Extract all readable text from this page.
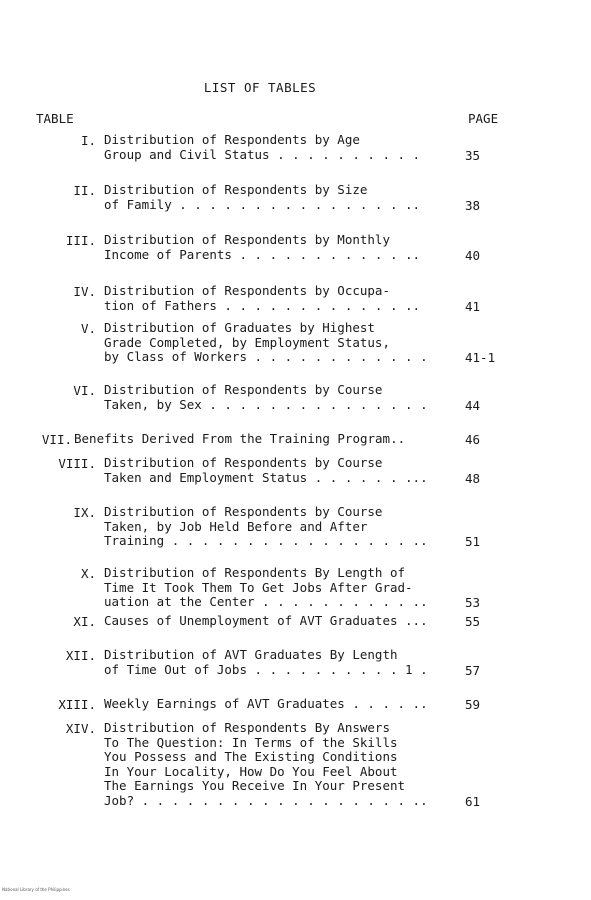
LIST OF TABLES
TABLE	PAGE
I. Distribution of Respondents by Age
Group and Civil Status . . . . . . . . . .	35
II. Distribution of Respondents by Size
of Family . . . . . . . . . . . . . . . ..	38
III. Distribution of Respondents by Monthly
Income of Parents . . . . . . . . . . . ..	40
IV. Distribution of Respondents by Occupa-
tion of Fathers . . . . . . . . . . . . ..	41
V. Distribution of Graduates by Highest
Grade Completed, by Employment Status,
by Class of Workers . . . . . . . . . . . .	41-1
VI. Distribution of Respondents by Course
Taken, by Sex . . . . . . . . . . . . . . .	44
VII. Benefits Derived From the Training Program..	46
VIII. Distribution of Respondents by Course
Taken and Employment Status . . . . . . ...	48
IX. Distribution of Respondents by Course
Taken, by Job Held Before and After
Training . . . . . . . . . . . . . . . . ..	51
X. Distribution of Respondents By Length of
Time It Took Them To Get Jobs After Grad-
uation at the Center . . . . . . . . . . ..	53
XI. Causes of Unemployment of AVT Graduates ...	55
XII. Distribution of AVT Graduates By Length
of Time Out of Jobs . . . . . . . . . . 1 .	57
XIII. Weekly Earnings of AVT Graduates . . . . ..	59
XIV. Distribution of Respondents By Answers
To The Question: In Terms of the Skills
You Possess and The Existing Conditions
In Your Locality, How Do You Feel About
The Earnings You Receive In Your Present
Job? . . . . . . . . . . . . . . . . . . ..	61
National Library of the Philippines
